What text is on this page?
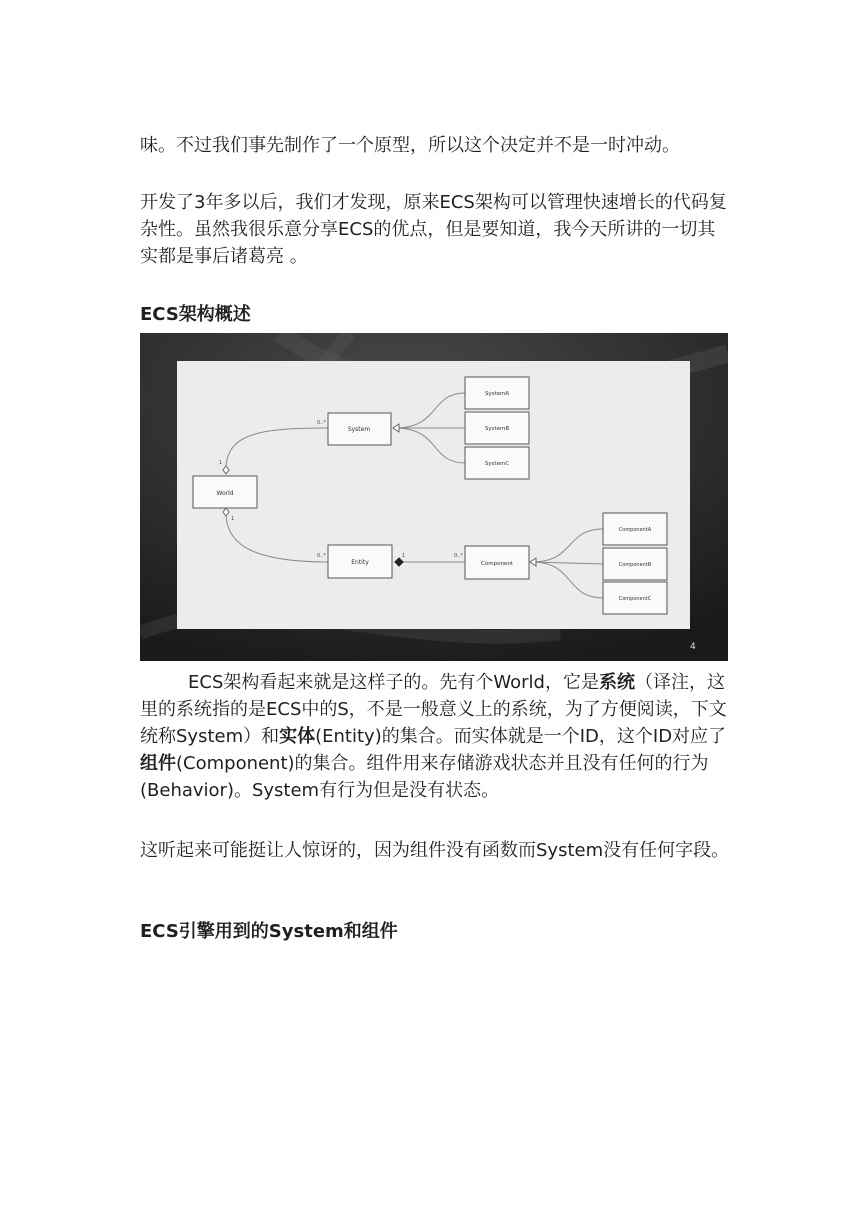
味。不过我们事先制作了一个原型，所以这个决定并不是一时冲动。

开发了3年多以后，我们才发现，原来ECS架构可以管理快速增长的代码复杂性。虽然我很乐意分享ECS的优点，但是要知道，我今天所讲的一切其实都是事后诸葛亮 。

ECS架构概述

World
System
SystemA
SystemB
SystemC
Entity	Component
ComponentA
ComponentB
ComponentC
1
0..*
1
0..*	1	0..*
4

ECS架构看起来就是这样子的。先有个World，它是系统（译注，这里的系统指的是ECS中的S，不是一般意义上的系统，为了方便阅读，下文统称System）和实体(Entity)的集合。而实体就是一个ID，这个ID对应了组件(Component)的集合。组件用来存储游戏状态并且没有任何的行为(Behavior)。System有行为但是没有状态。

这听起来可能挺让人惊讶的，因为组件没有函数而System没有任何字段。

ECS引擎用到的System和组件
